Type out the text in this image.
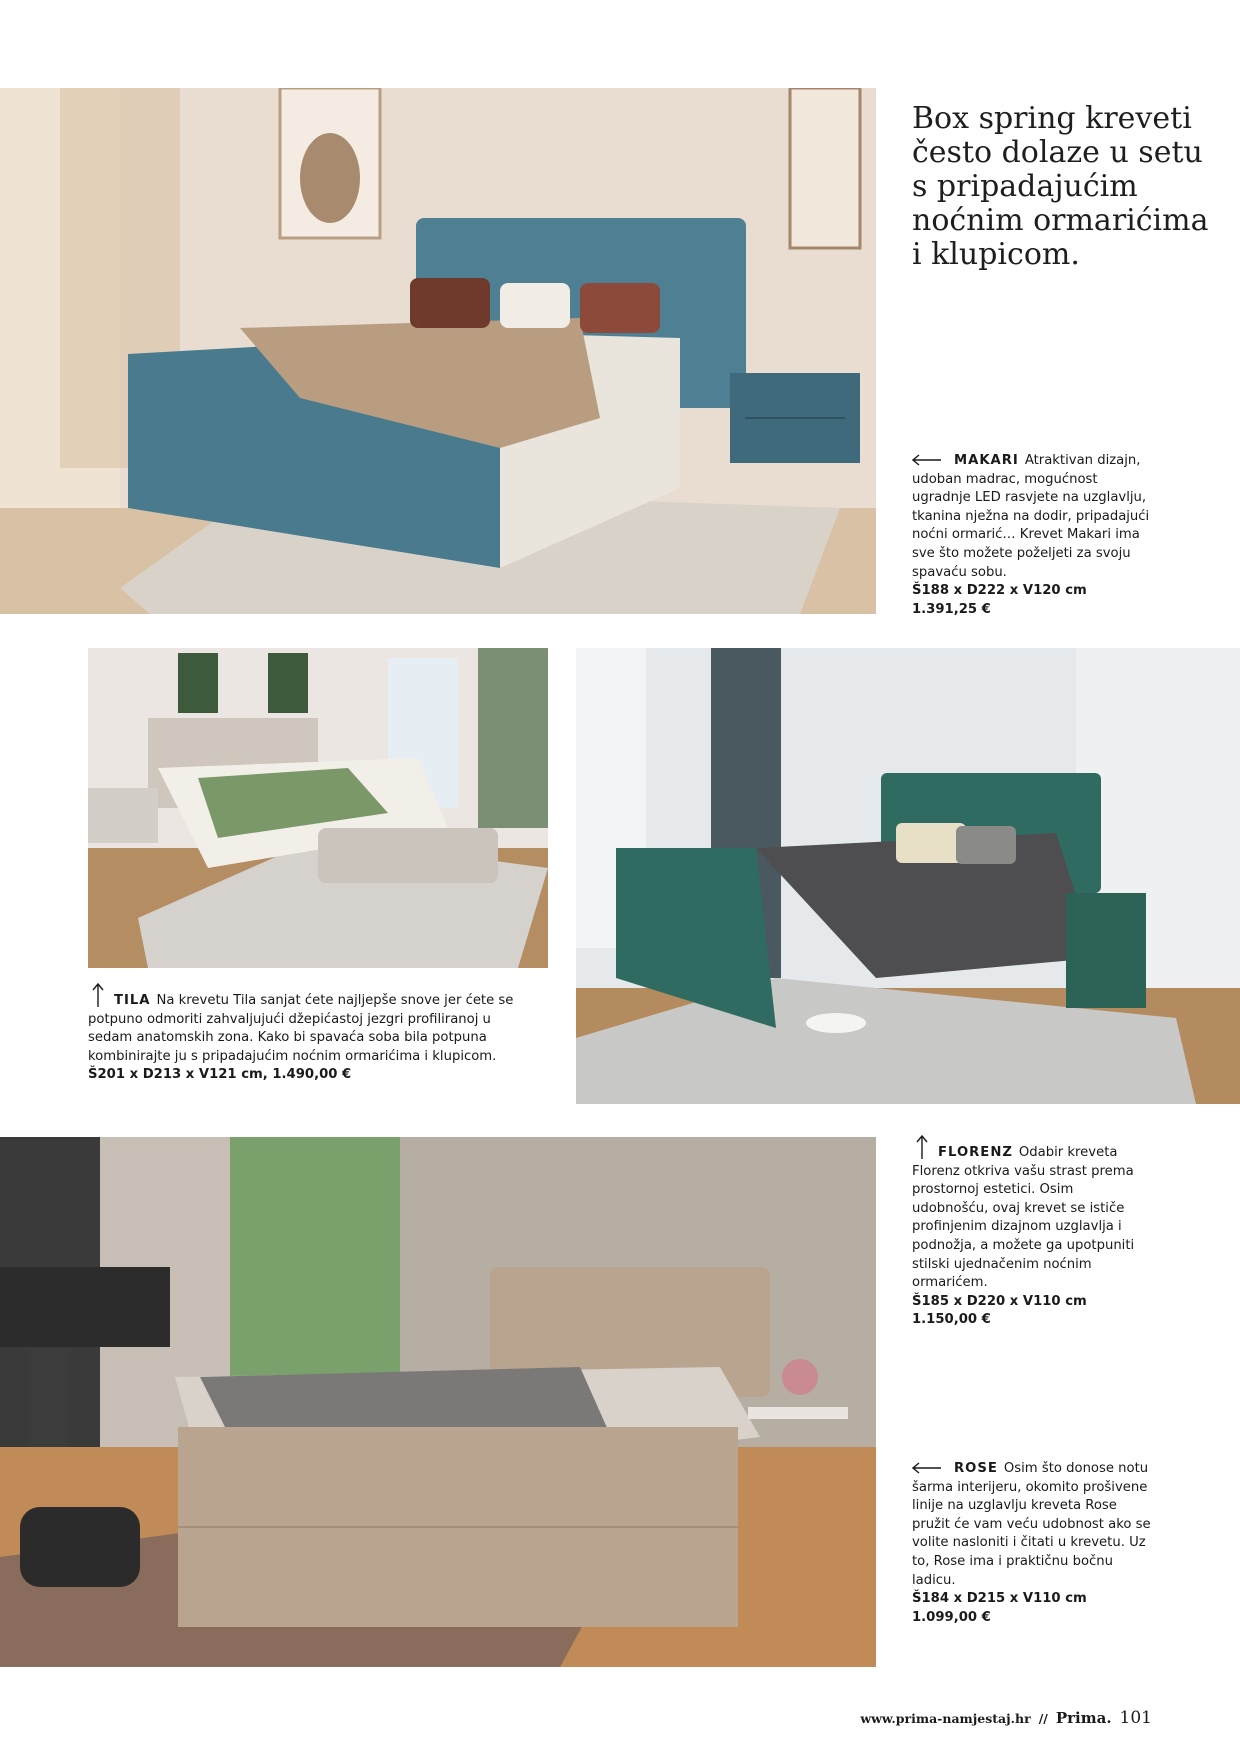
Box spring kreveti često dolaze u setu s pripadajućim noćnim ormarićima i klupicom.
MAKARI Atraktivan dizajn, udoban madrac, mogućnost ugradnje LED rasvjete na uzglavlju, tkanina nježna na dodir, pripadajući noćni ormarić… Krevet Makari ima sve što možete poželjeti za svoju spavaću sobu.
Š188 x D222 x V120 cm
1.391,25 €
TILA Na krevetu Tila sanjat ćete najljepše snove jer ćete se potpuno odmoriti zahvaljujući džepićastoj jezgri profiliranoj u sedam anatomskih zona. Kako bi spavaća soba bila potpuna kombinirajte ju s pripadajućim noćnim ormarićima i klupicom.
Š201 x D213 x V121 cm, 1.490,00 €
FLORENZ Odabir kreveta Florenz otkriva vašu strast prema prostornoj estetici. Osim udobnošću, ovaj krevet se ističe profinjenim dizajnom uzglavlja i podnožja, a možete ga upotpuniti stilski ujednačenim noćnim ormarićem.
Š185 x D220 x V110 cm
1.150,00 €
ROSE Osim što donose notu šarma interijeru, okomito prošivene linije na uzglavlju kreveta Rose pružit će vam veću udobnost ako se volite nasloniti i čitati u krevetu. Uz to, Rose ima i praktičnu bočnu ladicu.
Š184 x D215 x V110 cm
1.099,00 €
www.prima-namjestaj.hr // Prima. 101
